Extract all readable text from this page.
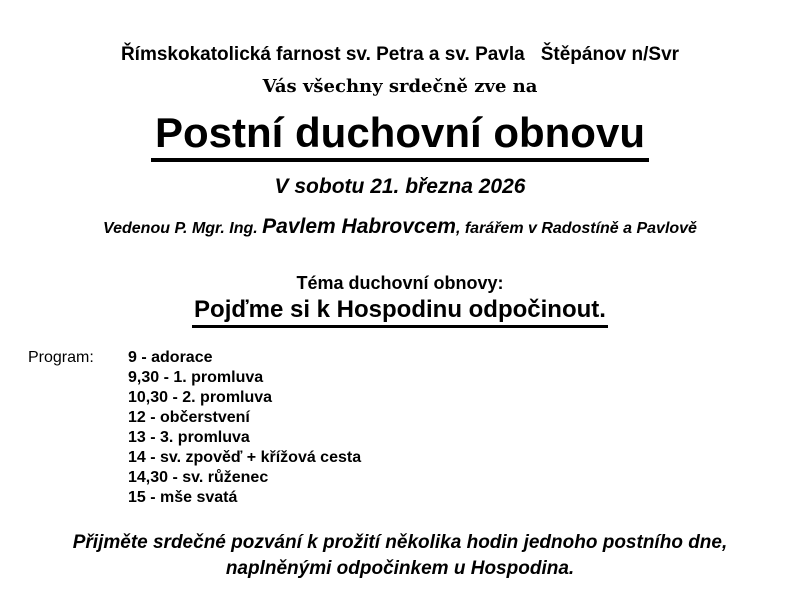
Římskokatolická farnost sv. Petra a sv. Pavla Štěpánov n/Svr
Vás všechny srdečně zve na
Postní duchovní obnovu
V sobotu 21. března 2026
Vedenou P. Mgr. Ing. Pavlem Habrovcem, farářem v Radostíně a Pavlově
Téma duchovní obnovy:
Pojďme si k Hospodinu odpočinout.
Program:	9 - adorace
9,30 - 1. promluva
10,30 - 2. promluva
12 - občerstvení
13 - 3. promluva
14 - sv. zpověď + křížová cesta
14,30 - sv. růženec
15 - mše svatá
Přijměte srdečné pozvání k prožití několika hodin jednoho postního dne,
naplněnými odpočinkem u Hospodina.
